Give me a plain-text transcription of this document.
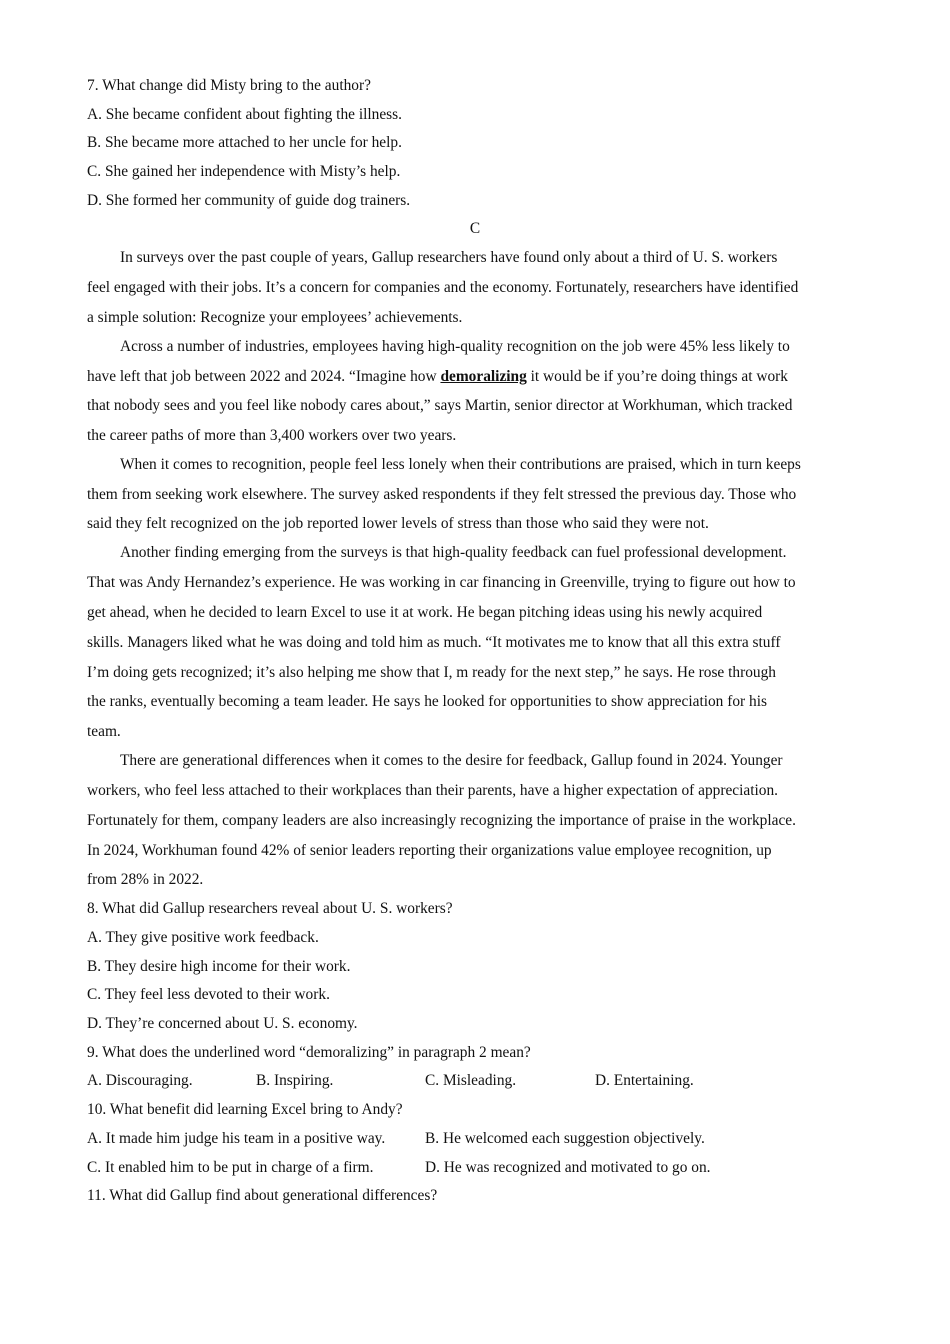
7. What change did Misty bring to the author?
A. She became confident about fighting the illness.
B. She became more attached to her uncle for help.
C. She gained her independence with Misty’s help.
D. She formed her community of guide dog trainers.
C
In surveys over the past couple of years, Gallup researchers have found only about a third of U. S. workers
feel engaged with their jobs. It’s a concern for companies and the economy. Fortunately, researchers have identified
a simple solution: Recognize your employees’ achievements.
Across a number of industries, employees having high-quality recognition on the job were 45% less likely to
have left that job between 2022 and 2024. “Imagine how demoralizing it would be if you’re doing things at work
that nobody sees and you feel like nobody cares about,” says Martin, senior director at Workhuman, which tracked
the career paths of more than 3,400 workers over two years.
When it comes to recognition, people feel less lonely when their contributions are praised, which in turn keeps
them from seeking work elsewhere. The survey asked respondents if they felt stressed the previous day. Those who
said they felt recognized on the job reported lower levels of stress than those who said they were not.
Another finding emerging from the surveys is that high-quality feedback can fuel professional development.
That was Andy Hernandez’s experience. He was working in car financing in Greenville, trying to figure out how to
get ahead, when he decided to learn Excel to use it at work. He began pitching ideas using his newly acquired
skills. Managers liked what he was doing and told him as much. “It motivates me to know that all this extra stuff
I’m doing gets recognized; it’s also helping me show that I, m ready for the next step,” he says. He rose through
the ranks, eventually becoming a team leader. He says he looked for opportunities to show appreciation for his
team.
There are generational differences when it comes to the desire for feedback, Gallup found in 2024. Younger
workers, who feel less attached to their workplaces than their parents, have a higher expectation of appreciation.
Fortunately for them, company leaders are also increasingly recognizing the importance of praise in the workplace.
In 2024, Workhuman found 42% of senior leaders reporting their organizations value employee recognition, up
from 28% in 2022.
8. What did Gallup researchers reveal about U. S. workers?
A. They give positive work feedback.
B. They desire high income for their work.
C. They feel less devoted to their work.
D. They’re concerned about U. S. economy.
9. What does the underlined word “demoralizing” in paragraph 2 mean?
A. Discouraging.	B. Inspiring.	C. Misleading.	D. Entertaining.
10. What benefit did learning Excel bring to Andy?
A. It made him judge his team in a positive way.	B. He welcomed each suggestion objectively.
C. It enabled him to be put in charge of a firm.	D. He was recognized and motivated to go on.
11. What did Gallup find about generational differences?
